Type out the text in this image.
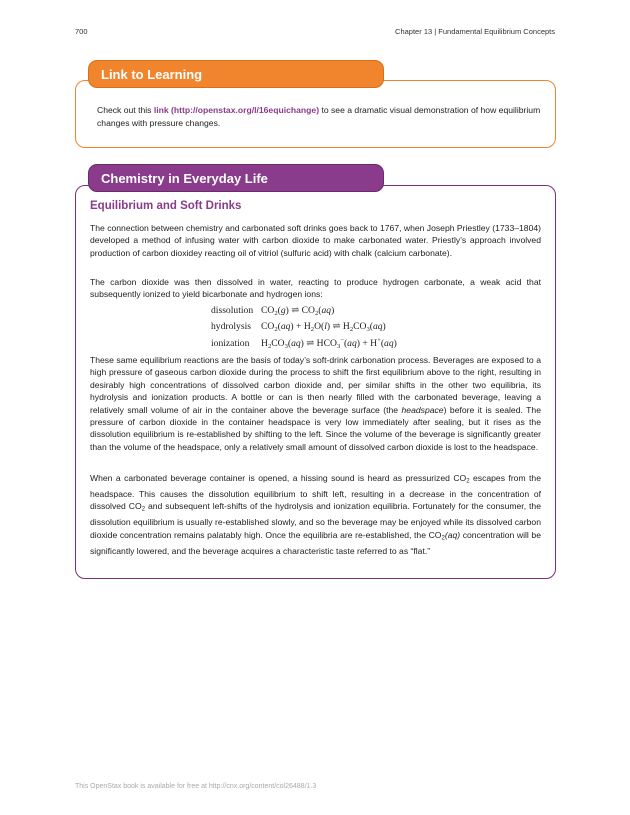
700	Chapter 13 | Fundamental Equilibrium Concepts
Link to Learning
Check out this link (http://openstax.org/l/16equichange) to see a dramatic visual demonstration of how equilibrium changes with pressure changes.
Chemistry in Everyday Life
Equilibrium and Soft Drinks
The connection between chemistry and carbonated soft drinks goes back to 1767, when Joseph Priestley (1733–1804) developed a method of infusing water with carbon dioxide to make carbonated water. Priestly’s approach involved production of carbon dioxidey reacting oil of vitriol (sulfuric acid) with chalk (calcium carbonate).
The carbon dioxide was then dissolved in water, reacting to produce hydrogen carbonate, a weak acid that subsequently ionized to yield bicarbonate and hydrogen ions:
dissolution $CO_2(g)$ ⇌ $CO_2(aq)$
hydrolysis $CO_2(aq) + H_2O(l)$ ⇌ $H_2CO_3(aq)$
ionization $H_2CO_3(aq)$ ⇌ $HCO_3^-(aq) + H^+(aq)$
These same equilibrium reactions are the basis of today’s soft-drink carbonation process. Beverages are exposed to a high pressure of gaseous carbon dioxide during the process to shift the first equilibrium above to the right, resulting in desirably high concentrations of dissolved carbon dioxide and, per similar shifts in the other two equilibria, its hydrolysis and ionization products. A bottle or can is then nearly filled with the carbonated beverage, leaving a relatively small volume of air in the container above the beverage surface (the headspace) before it is sealed. The pressure of carbon dioxide in the container headspace is very low immediately after sealing, but it rises as the dissolution equilibrium is re-established by shifting to the left. Since the volume of the beverage is significantly greater than the volume of the headspace, only a relatively small amount of dissolved carbon dioxide is lost to the headspace.
When a carbonated beverage container is opened, a hissing sound is heard as pressurized $CO_2$ escapes from the headspace. This causes the dissolution equilibrium to shift left, resulting in a decrease in the concentration of dissolved $CO_2$ and subsequent left-shifts of the hydrolysis and ionization equilibria. Fortunately for the consumer, the dissolution equilibrium is usually re-established slowly, and so the beverage may be enjoyed while its dissolved carbon dioxide concentration remains palatably high. Once the equilibria are re-established, the $CO_2(aq)$ concentration will be significantly lowered, and the beverage acquires a characteristic taste referred to as “flat.”
This OpenStax book is available for free at http://cnx.org/content/col26488/1.3
